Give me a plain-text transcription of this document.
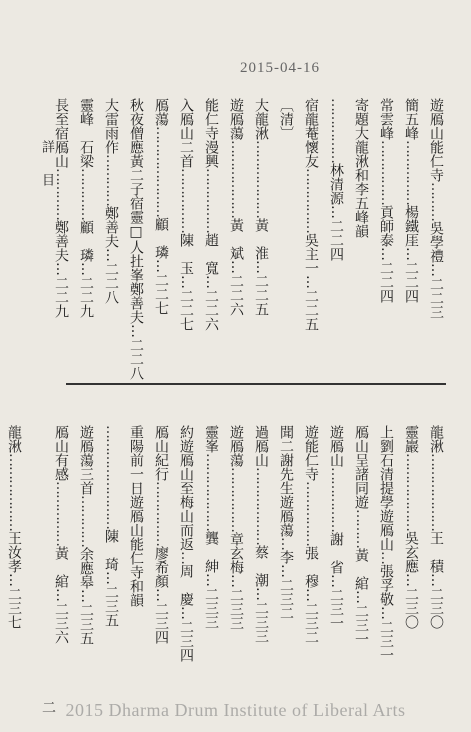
2015-04-16
遊鴈山能仁寺………吳學禮…二二三
簡五峰……………楊鐵厓…二二四
常雲峰……………貢師泰…二二四
寄題大龍湫和李五峰韻
……………林清源…二二四
宿龍菴懷友……………吳主一…二二五
〔清〕
大龍湫………………黃　淮…二二五
遊鴈蕩………………黃　斌…二二六
能仁寺漫興……………趙　寬…二二六
入鴈山二首……………陳　玉…二二七
鴈蕩…………………顧　璘…二二七
秋夜僧應黃二子宿靈□人扗峯鄭善夫…二二八
大雷雨作…………鄭善夫…二二八
靈峰　石梁…………顧　璘…二二九
長至宿鴈山…………鄭善夫…二二九
龍湫………………王　積…二三〇
靈巖………………吳玄應…二三〇
上劉石清提學遊鴈山…張孚敬…二三一
鴈山呈諸同遊………黃　綰…二三一
遊鴈山……………謝　省…二三一
遊能仁寺……………張　穆…二三二
聞二謝先生遊鴈蕩…李…二三二
過鴈山………………蔡　潮…二三三
遊鴈蕩……………章玄梅…二三三
靈峯………………龔　紳…二三三
約遊鴈山至梅山而返…周　慶…二三四
鴈山紀行……………廖希顏…二三四
重陽前一日遊鴈山能仁寺和韻
……………………陳　琦…二三五
遊鴈蕩三首…………余應皋…二三五
鴈山有感……………黃　綰…二三六
龍湫………………王汝孝…二三七
詳目
二 2015 Dharma Drum Institute of Liberal Arts
